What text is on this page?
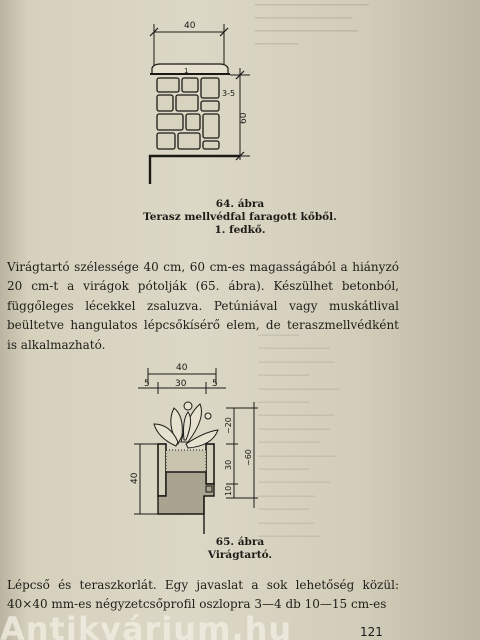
─────────────────────
──────────────────
───────────────────
────────
────────
──────────────
───────────────
──────────
────────────────
──────────
───────────────
──────────────
────────────
───────────────
──────────
──────────────
───────────
──────────
───────────
────────────
40
1
60
3-5
64. ábra
Terasz mellvédfal faragott kőből.
1. fedkő.
Virágtartó szélessége 40 cm, 60 cm-es magasságából a hiányzó 20 cm-t a virágok pótolják (65. ábra). Készülhet betonból, függőleges lécekkel zsaluzva. Petúniával vagy muskátlival beültetve hangulatos lépcsőkísérő elem, de teraszmellvédként is alkalmazható.
40
5	30	5
40
~20
30
10
~60
65. ábra
Virágtartó.
Lépcső és teraszkorlát. Egy javaslat a sok lehetőség közül: 40×40 mm-es négyzetcsőprofil oszlopra 3—4 db 10—15 cm-es
Antikvárium.hu	121
